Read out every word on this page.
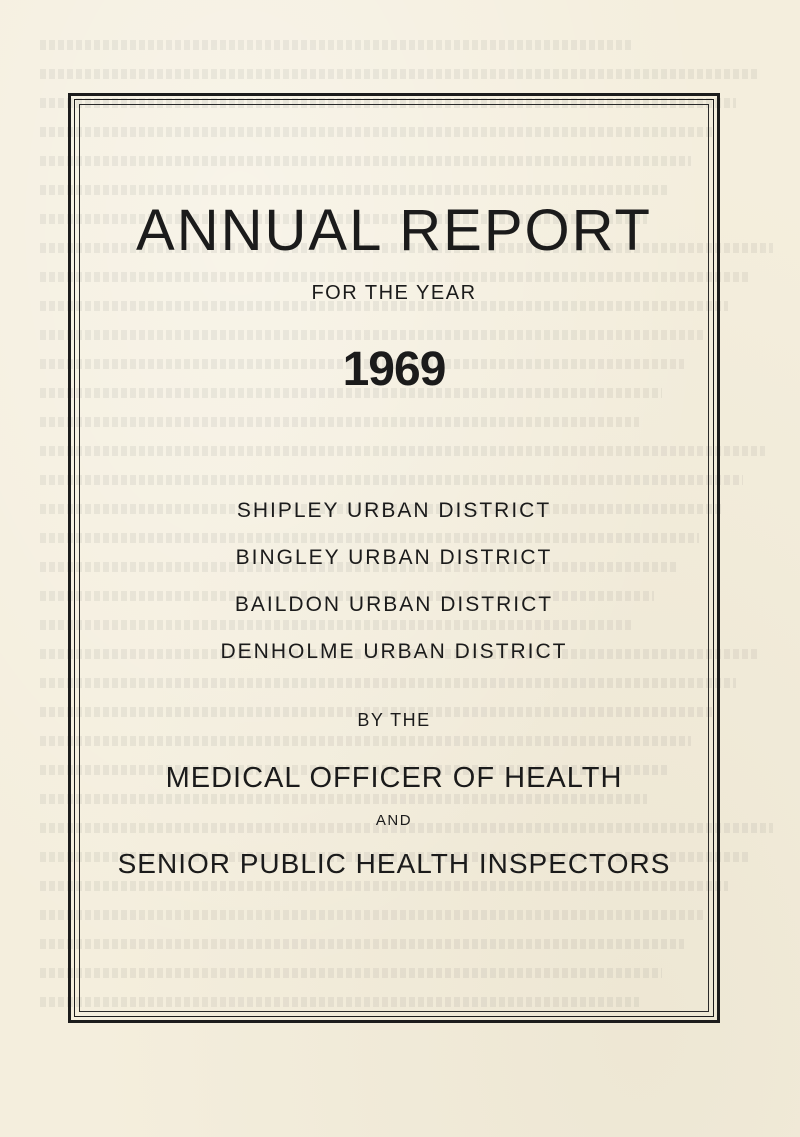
ANNUAL REPORT
FOR THE YEAR
1969
SHIPLEY URBAN DISTRICT
BINGLEY URBAN DISTRICT
BAILDON URBAN DISTRICT
DENHOLME URBAN DISTRICT
BY THE
MEDICAL OFFICER OF HEALTH
AND
SENIOR PUBLIC HEALTH INSPECTORS
